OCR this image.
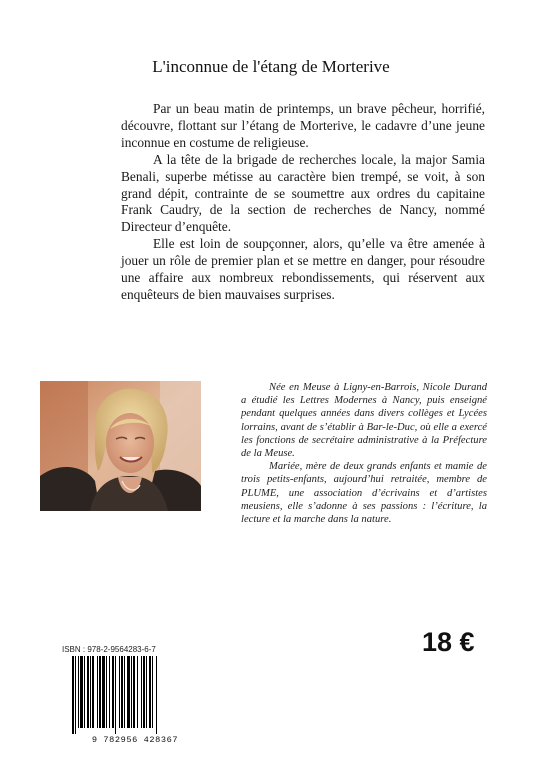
L'inconnue de l'étang de Morterive

Par un beau matin de printemps, un brave pêcheur, horrifié, découvre, flottant sur l’étang de Morterive, le cadavre d’une jeune inconnue en costume de religieuse.

A la tête de la brigade de recherches locale, la major Samia Benali, superbe métisse au caractère bien trempé, se voit, à son grand dépit, contrainte de se soumettre aux ordres du capitaine Frank Caudry, de la section de recherches de Nancy, nommé Directeur d’enquête.

Elle est loin de soupçonner, alors, qu’elle va être amenée à jouer un rôle de premier plan et se mettre en danger, pour résoudre une affaire aux nombreux rebondissements, qui réservent aux enquêteurs de bien mauvaises surprises.

Née en Meuse à Ligny-en-Barrois, Nicole Durand a étudié les Lettres Modernes à Nancy, puis enseigné pendant quelques années dans divers collèges et Lycées lorrains, avant de s’établir à Bar-le-Duc, où elle a exercé les fonctions de secrétaire administrative à la Préfecture de la Meuse.

Mariée, mère de deux grands enfants et mamie de trois petits-enfants, aujourd’hui retraitée, membre de PLUME, une association d’écrivains et d’artistes meusiens, elle s’adonne à ses passions : l’écriture, la lecture et la marche dans la nature.

18 €
ISBN : 978-2-9564283-6-7
9 782956 428367
